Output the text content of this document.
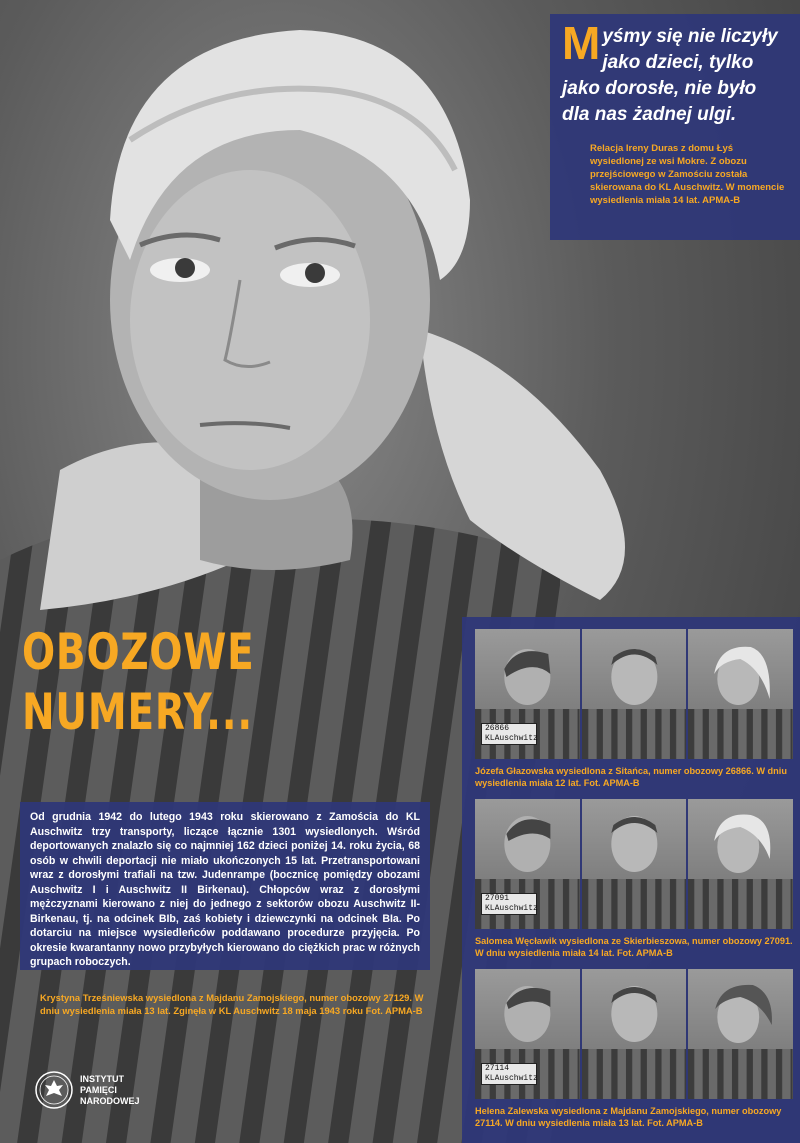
Myśmy się nie liczyły jako dzieci, tylko jako dorosłe, nie było dla nas żadnej ulgi.
Relacja Ireny Duras z domu Łyś wysiedlonej ze wsi Mokre. Z obozu przejściowego w Zamościu została skierowana do KL Auschwitz. W momencie wysiedlenia miała 14 lat. APMA-B
OBOZOWE
NUMERY...

Od grudnia 1942 do lutego 1943 roku skierowano z Zamościa do KL Auschwitz trzy transporty, liczące łącznie 1301 wysiedlonych. Wśród deportowanych znalazło się co najmniej 162 dzieci poniżej 14. roku życia, 68 osób w chwili deportacji nie miało ukończonych 15 lat. Przetransportowani wraz z dorosłymi trafiali na tzw. Judenrampe (bocznicę pomiędzy obozami Auschwitz I i Auschwitz II Birkenau). Chłopców wraz z dorosłymi mężczyznami kierowano z niej do jednego z sektorów obozu Auschwitz II-Birkenau, tj. na odcinek BIb, zaś kobiety i dziewczynki na odcinek BIa. Po dotarciu na miejsce wysiedleńców poddawano procedurze przyjęcia. Po okresie kwarantanny nowo przybyłych kierowano do ciężkich prac w różnych grupach roboczych.

Krystyna Trześniewska wysiedlona z Majdanu Zamojskiego, numer obozowy 27129. W dniu wysiedlenia miała 13 lat. Zginęła w KL Auschwitz 18 maja 1943 roku Fot. APMA-B
INSTYTUT
PAMIĘCI
NARODOWEJ
26866
KLAuschwitz
Józefa Głazowska wysiedlona z Sitańca, numer obozowy 26866. W dniu wysiedlenia miała 12 lat. Fot. APMA-B
27091
KLAuschwitz
Salomea Węcławik wysiedlona ze Skierbieszowa, numer obozowy 27091. W dniu wysiedlenia miała 14 lat. Fot. APMA-B
27114
KLAuschwitz
Helena Zalewska wysiedlona z Majdanu Zamojskiego, numer obozowy 27114. W dniu wysiedlenia miała 13 lat. Fot. APMA-B
